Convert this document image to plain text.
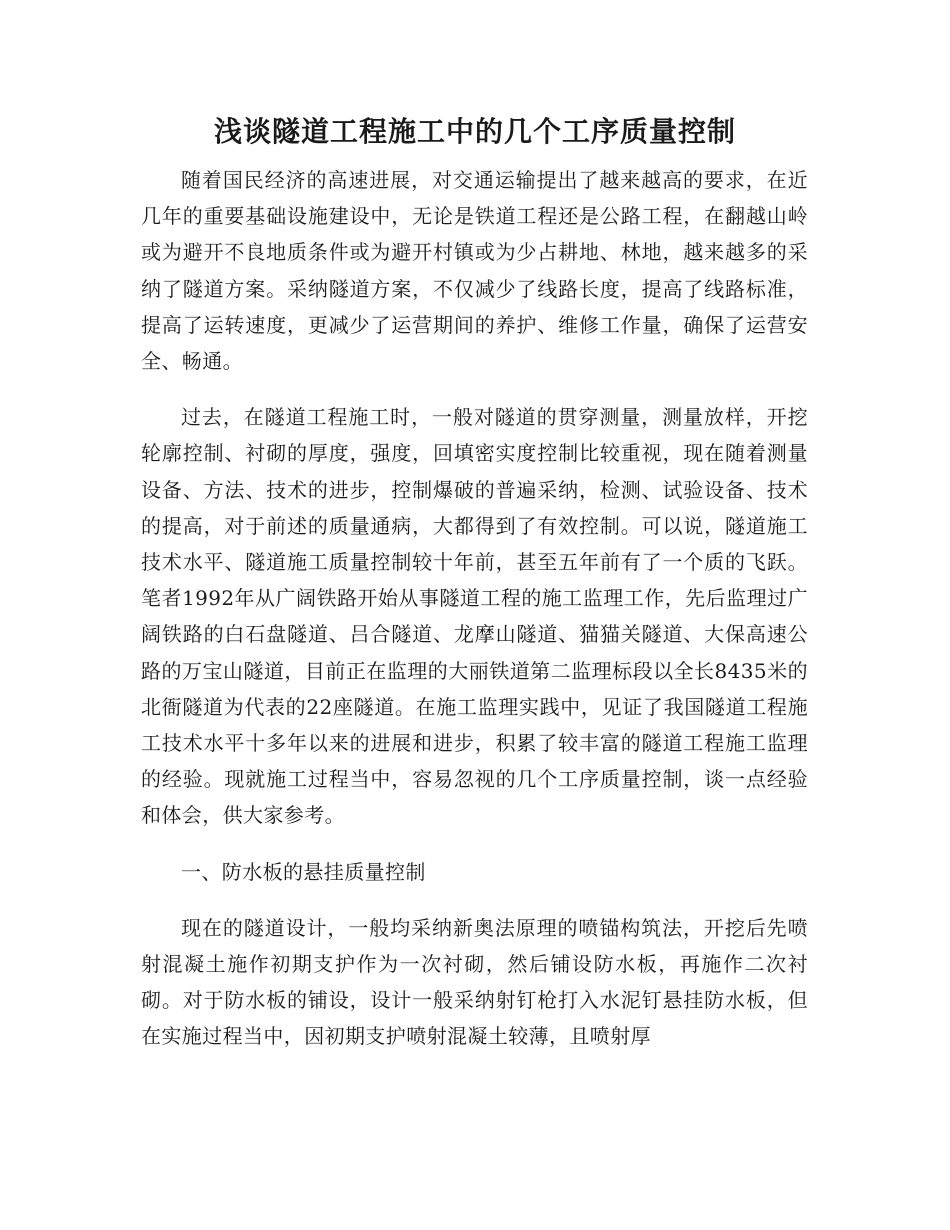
浅谈隧道工程施工中的几个工序质量控制

随着国民经济的高速进展，对交通运输提出了越来越高的要求，在近几年的重要基础设施建设中，无论是铁道工程还是公路工程，在翻越山岭或为避开不良地质条件或为避开村镇或为少占耕地、林地，越来越多的采纳了隧道方案。采纳隧道方案，不仅减少了线路长度，提高了线路标准，提高了运转速度，更减少了运营期间的养护、维修工作量，确保了运营安全、畅通。

过去，在隧道工程施工时，一般对隧道的贯穿测量，测量放样，开挖轮廓控制、衬砌的厚度，强度，回填密实度控制比较重视，现在随着测量设备、方法、技术的进步，控制爆破的普遍采纳，检测、试验设备、技术的提高，对于前述的质量通病，大都得到了有效控制。可以说，隧道施工技术水平、隧道施工质量控制较十年前，甚至五年前有了一个质的飞跃。笔者1992年从广阔铁路开始从事隧道工程的施工监理工作，先后监理过广阔铁路的白石盘隧道、吕合隧道、龙摩山隧道、猫猫关隧道、大保高速公路的万宝山隧道，目前正在监理的大丽铁道第二监理标段以全长8435米的北衙隧道为代表的22座隧道。在施工监理实践中，见证了我国隧道工程施工技术水平十多年以来的进展和进步，积累了较丰富的隧道工程施工监理的经验。现就施工过程当中，容易忽视的几个工序质量控制，谈一点经验和体会，供大家参考。

一、防水板的悬挂质量控制

现在的隧道设计，一般均采纳新奥法原理的喷锚构筑法，开挖后先喷射混凝土施作初期支护作为一次衬砌，然后铺设防水板，再施作二次衬砌。对于防水板的铺设，设计一般采纳射钉枪打入水泥钉悬挂防水板，但在实施过程当中，因初期支护喷射混凝土较薄，且喷射厚
